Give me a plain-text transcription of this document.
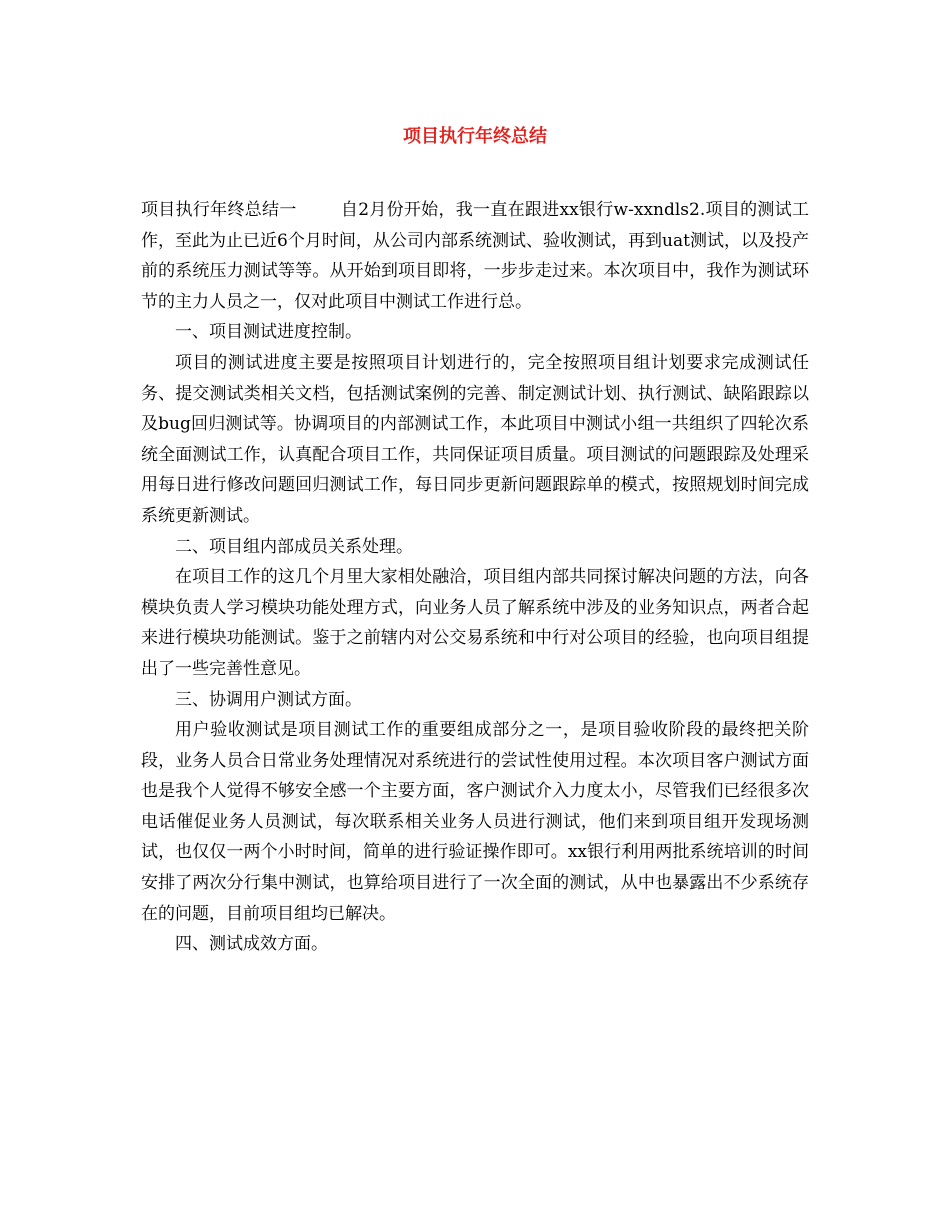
项目执行年终总结

项目执行年终总结一	自2月份开始，我一直在跟进xx银行w-xxndls2.项目的测试工作，至此为止已近6个月时间，从公司内部系统测试、验收测试，再到uat测试，以及投产前的系统压力测试等等。从开始到项目即将，一步步走过来。本次项目中，我作为测试环节的主力人员之一，仅对此项目中测试工作进行总。

一、项目测试进度控制。

项目的测试进度主要是按照项目计划进行的，完全按照项目组计划要求完成测试任务、提交测试类相关文档，包括测试案例的完善、制定测试计划、执行测试、缺陷跟踪以及bug回归测试等。协调项目的内部测试工作，本此项目中测试小组一共组织了四轮次系统全面测试工作，认真配合项目工作，共同保证项目质量。项目测试的问题跟踪及处理采用每日进行修改问题回归测试工作，每日同步更新问题跟踪单的模式，按照规划时间完成系统更新测试。

二、项目组内部成员关系处理。

在项目工作的这几个月里大家相处融洽，项目组内部共同探讨解决问题的方法，向各模块负责人学习模块功能处理方式，向业务人员了解系统中涉及的业务知识点，两者合起来进行模块功能测试。鉴于之前辖内对公交易系统和中行对公项目的经验，也向项目组提出了一些完善性意见。

三、协调用户测试方面。

用户验收测试是项目测试工作的重要组成部分之一，是项目验收阶段的最终把关阶段，业务人员合日常业务处理情况对系统进行的尝试性使用过程。本次项目客户测试方面也是我个人觉得不够安全感一个主要方面，客户测试介入力度太小，尽管我们已经很多次电话催促业务人员测试，每次联系相关业务人员进行测试，他们来到项目组开发现场测试，也仅仅一两个小时时间，简单的进行验证操作即可。xx银行利用两批系统培训的时间安排了两次分行集中测试，也算给项目进行了一次全面的测试，从中也暴露出不少系统存在的问题，目前项目组均已解决。

四、测试成效方面。
